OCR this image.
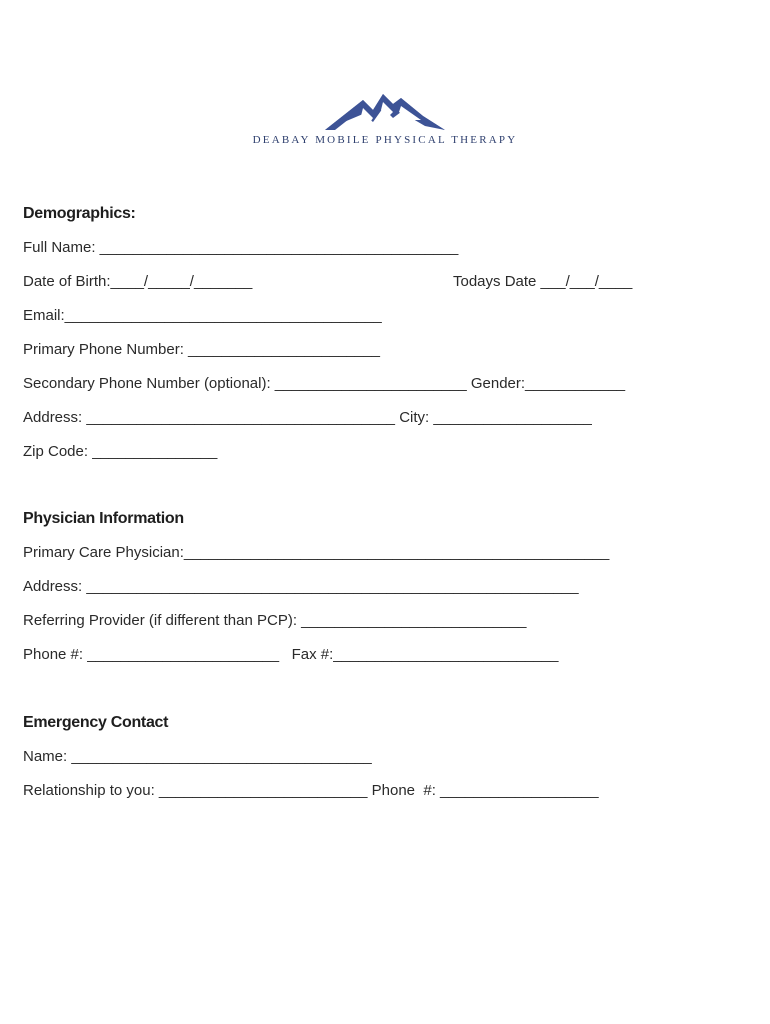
DEABAY MOBILE PHYSICAL THERAPY
Demographics:
Full Name: ___________________________________________
Date of Birth:____/_____/_______	Todays Date ___/___/____
Email:______________________________________
Primary Phone Number: _______________________
Secondary Phone Number (optional): _______________________ Gender:____________
Address: _____________________________________ City: ___________________
Zip Code: _______________
Physician Information
Primary Care Physician:___________________________________________________
Address: ___________________________________________________________
Referring Provider (if different than PCP): ___________________________
Phone #: _______________________   Fax #:___________________________
Emergency Contact
Name: ____________________________________
Relationship to you: _________________________ Phone  #: ___________________
